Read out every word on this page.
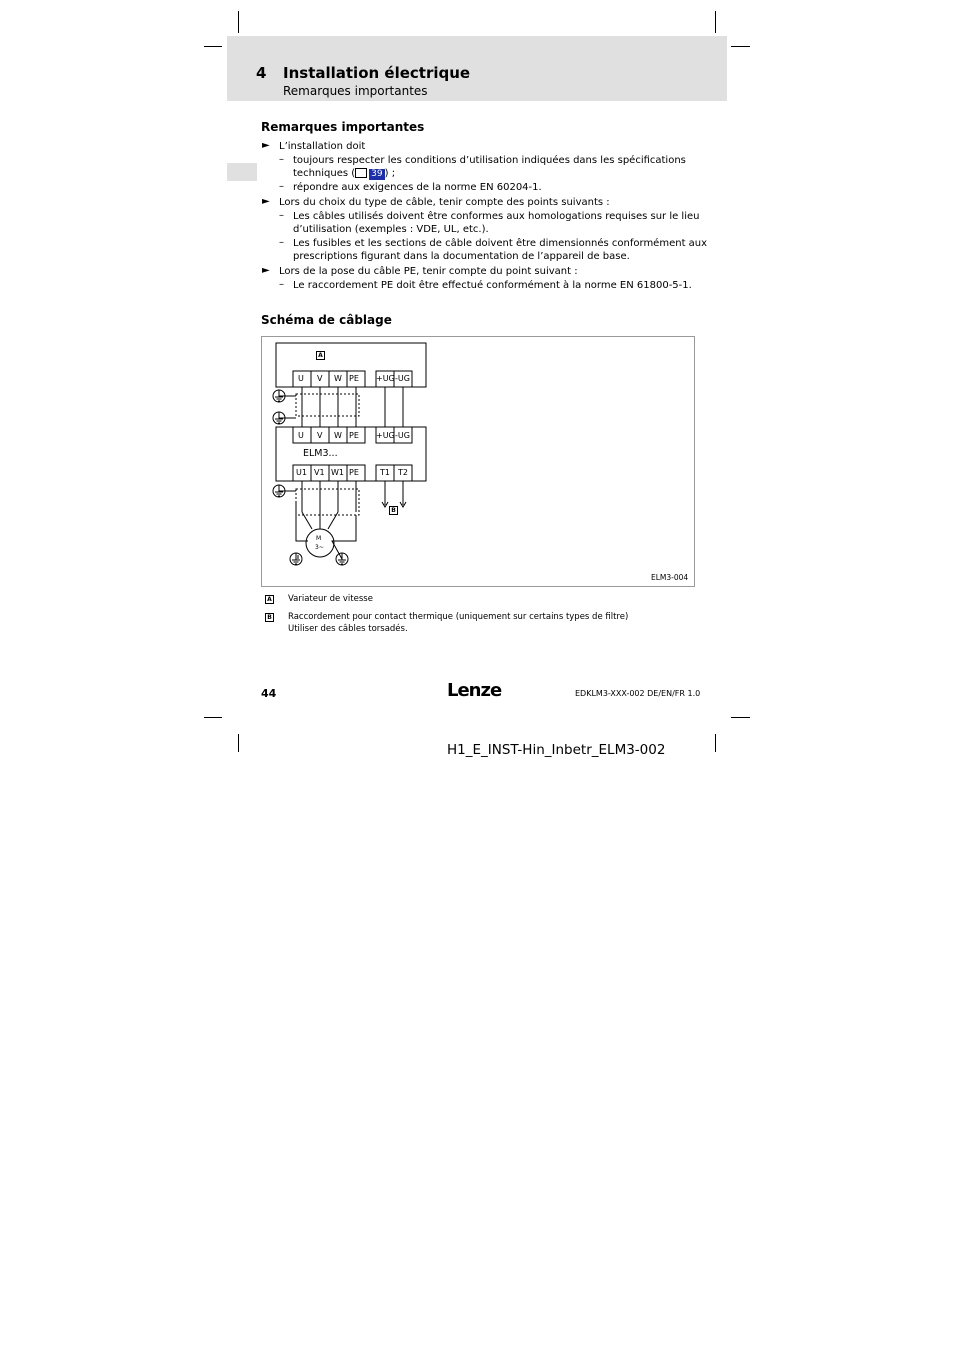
4 Installation électrique
Remarques importantes
Remarques importantes
► L’installation doit
– toujours respecter les conditions d’utilisation indiquées dans les spécifications
techniques ( 39 ) ;
– répondre aux exigences de la norme EN 60204-1.
► Lors du choix du type de câble, tenir compte des points suivants :
– Les câbles utilisés doivent être conformes aux homologations requises sur le lieu
d’utilisation (exemples : VDE, UL, etc.).
– Les fusibles et les sections de câble doivent être dimensionnés conformément aux
prescriptions figurant dans la documentation de l’appareil de base.
► Lors de la pose du câble PE, tenir compte du point suivant :
– Le raccordement PE doit être effectué conformément à la norme EN 61800-5-1.
Schéma de câblage
A
U V W PE +UG -UG
U V W PE +UG -UG
ELM3...
U1 V1 W1 PE	T1 T2
B
M
3~
ELM3-004
A Variateur de vitesse
B Raccordement pour contact thermique (uniquement sur certains types de filtre)
Utiliser des câbles torsadés.
44	Lenze	EDKLM3-XXX-002 DE/EN/FR 1.0
H1_E_INST-Hin_Inbetr_ELM3-002
